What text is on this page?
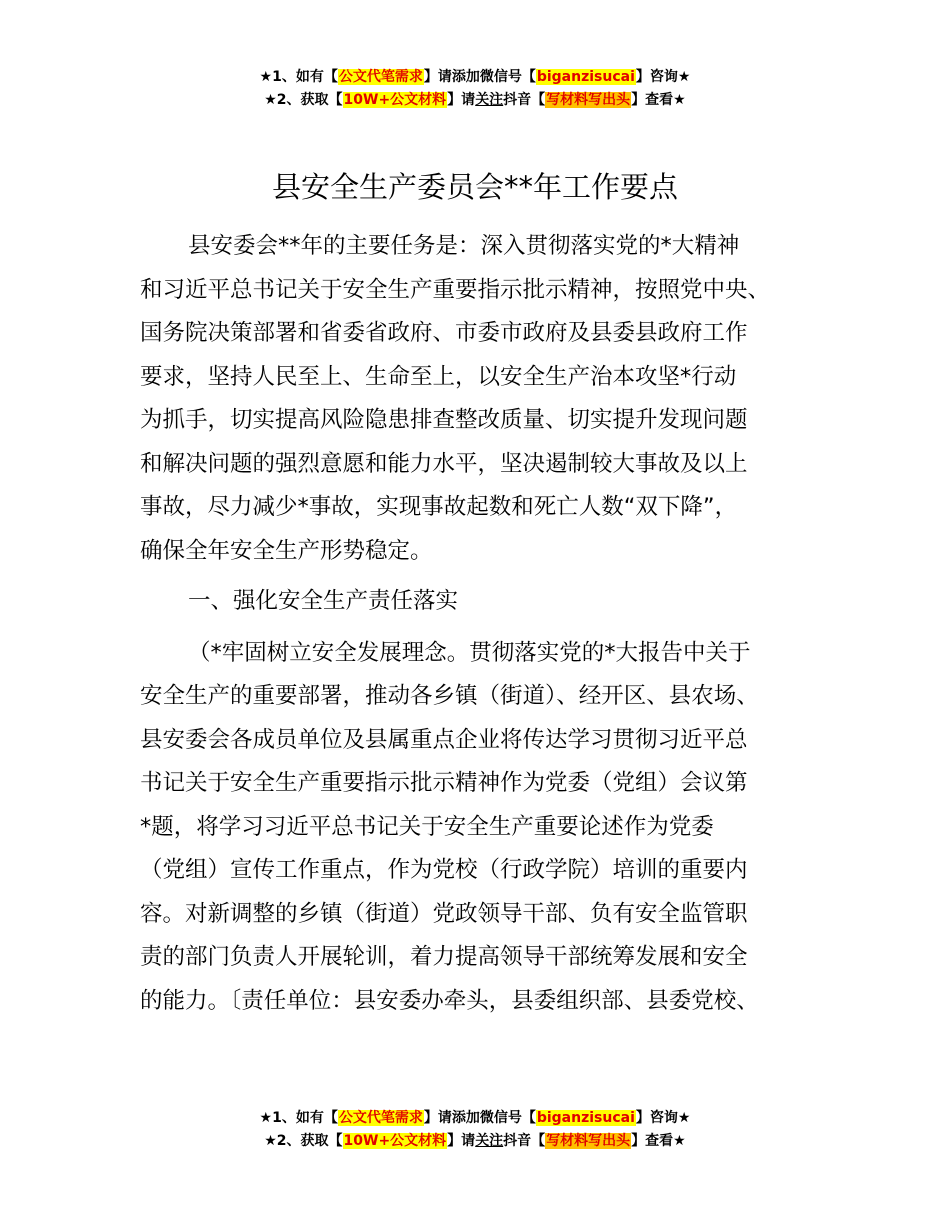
★1、如有【公文代笔需求】请添加微信号【biganzisucai】咨询★
★2、获取【10W+公文材料】请关注抖音【写材料写出头】查看★
县安全生产委员会**年工作要点
县安委会**年的主要任务是：深入贯彻落实党的*大精神
和习近平总书记关于安全生产重要指示批示精神，按照党中央、
国务院决策部署和省委省政府、市委市政府及县委县政府工作
要求，坚持人民至上、生命至上，以安全生产治本攻坚*行动
为抓手，切实提高风险隐患排查整改质量、切实提升发现问题
和解决问题的强烈意愿和能力水平，坚决遏制较大事故及以上
事故，尽力减少*事故，实现事故起数和死亡人数“双下降”，
确保全年安全生产形势稳定。
一、强化安全生产责任落实
（*牢固树立安全发展理念。贯彻落实党的*大报告中关于
安全生产的重要部署，推动各乡镇（街道）、经开区、县农场、
县安委会各成员单位及县属重点企业将传达学习贯彻习近平总
书记关于安全生产重要指示批示精神作为党委（党组）会议第
*题，将学习习近平总书记关于安全生产重要论述作为党委
（党组）宣传工作重点，作为党校（行政学院）培训的重要内
容。对新调整的乡镇（街道）党政领导干部、负有安全监管职
责的部门负责人开展轮训，着力提高领导干部统筹发展和安全
的能力。〔责任单位：县安委办牵头，县委组织部、县委党校、
★1、如有【公文代笔需求】请添加微信号【biganzisucai】咨询★
★2、获取【10W+公文材料】请关注抖音【写材料写出头】查看★
